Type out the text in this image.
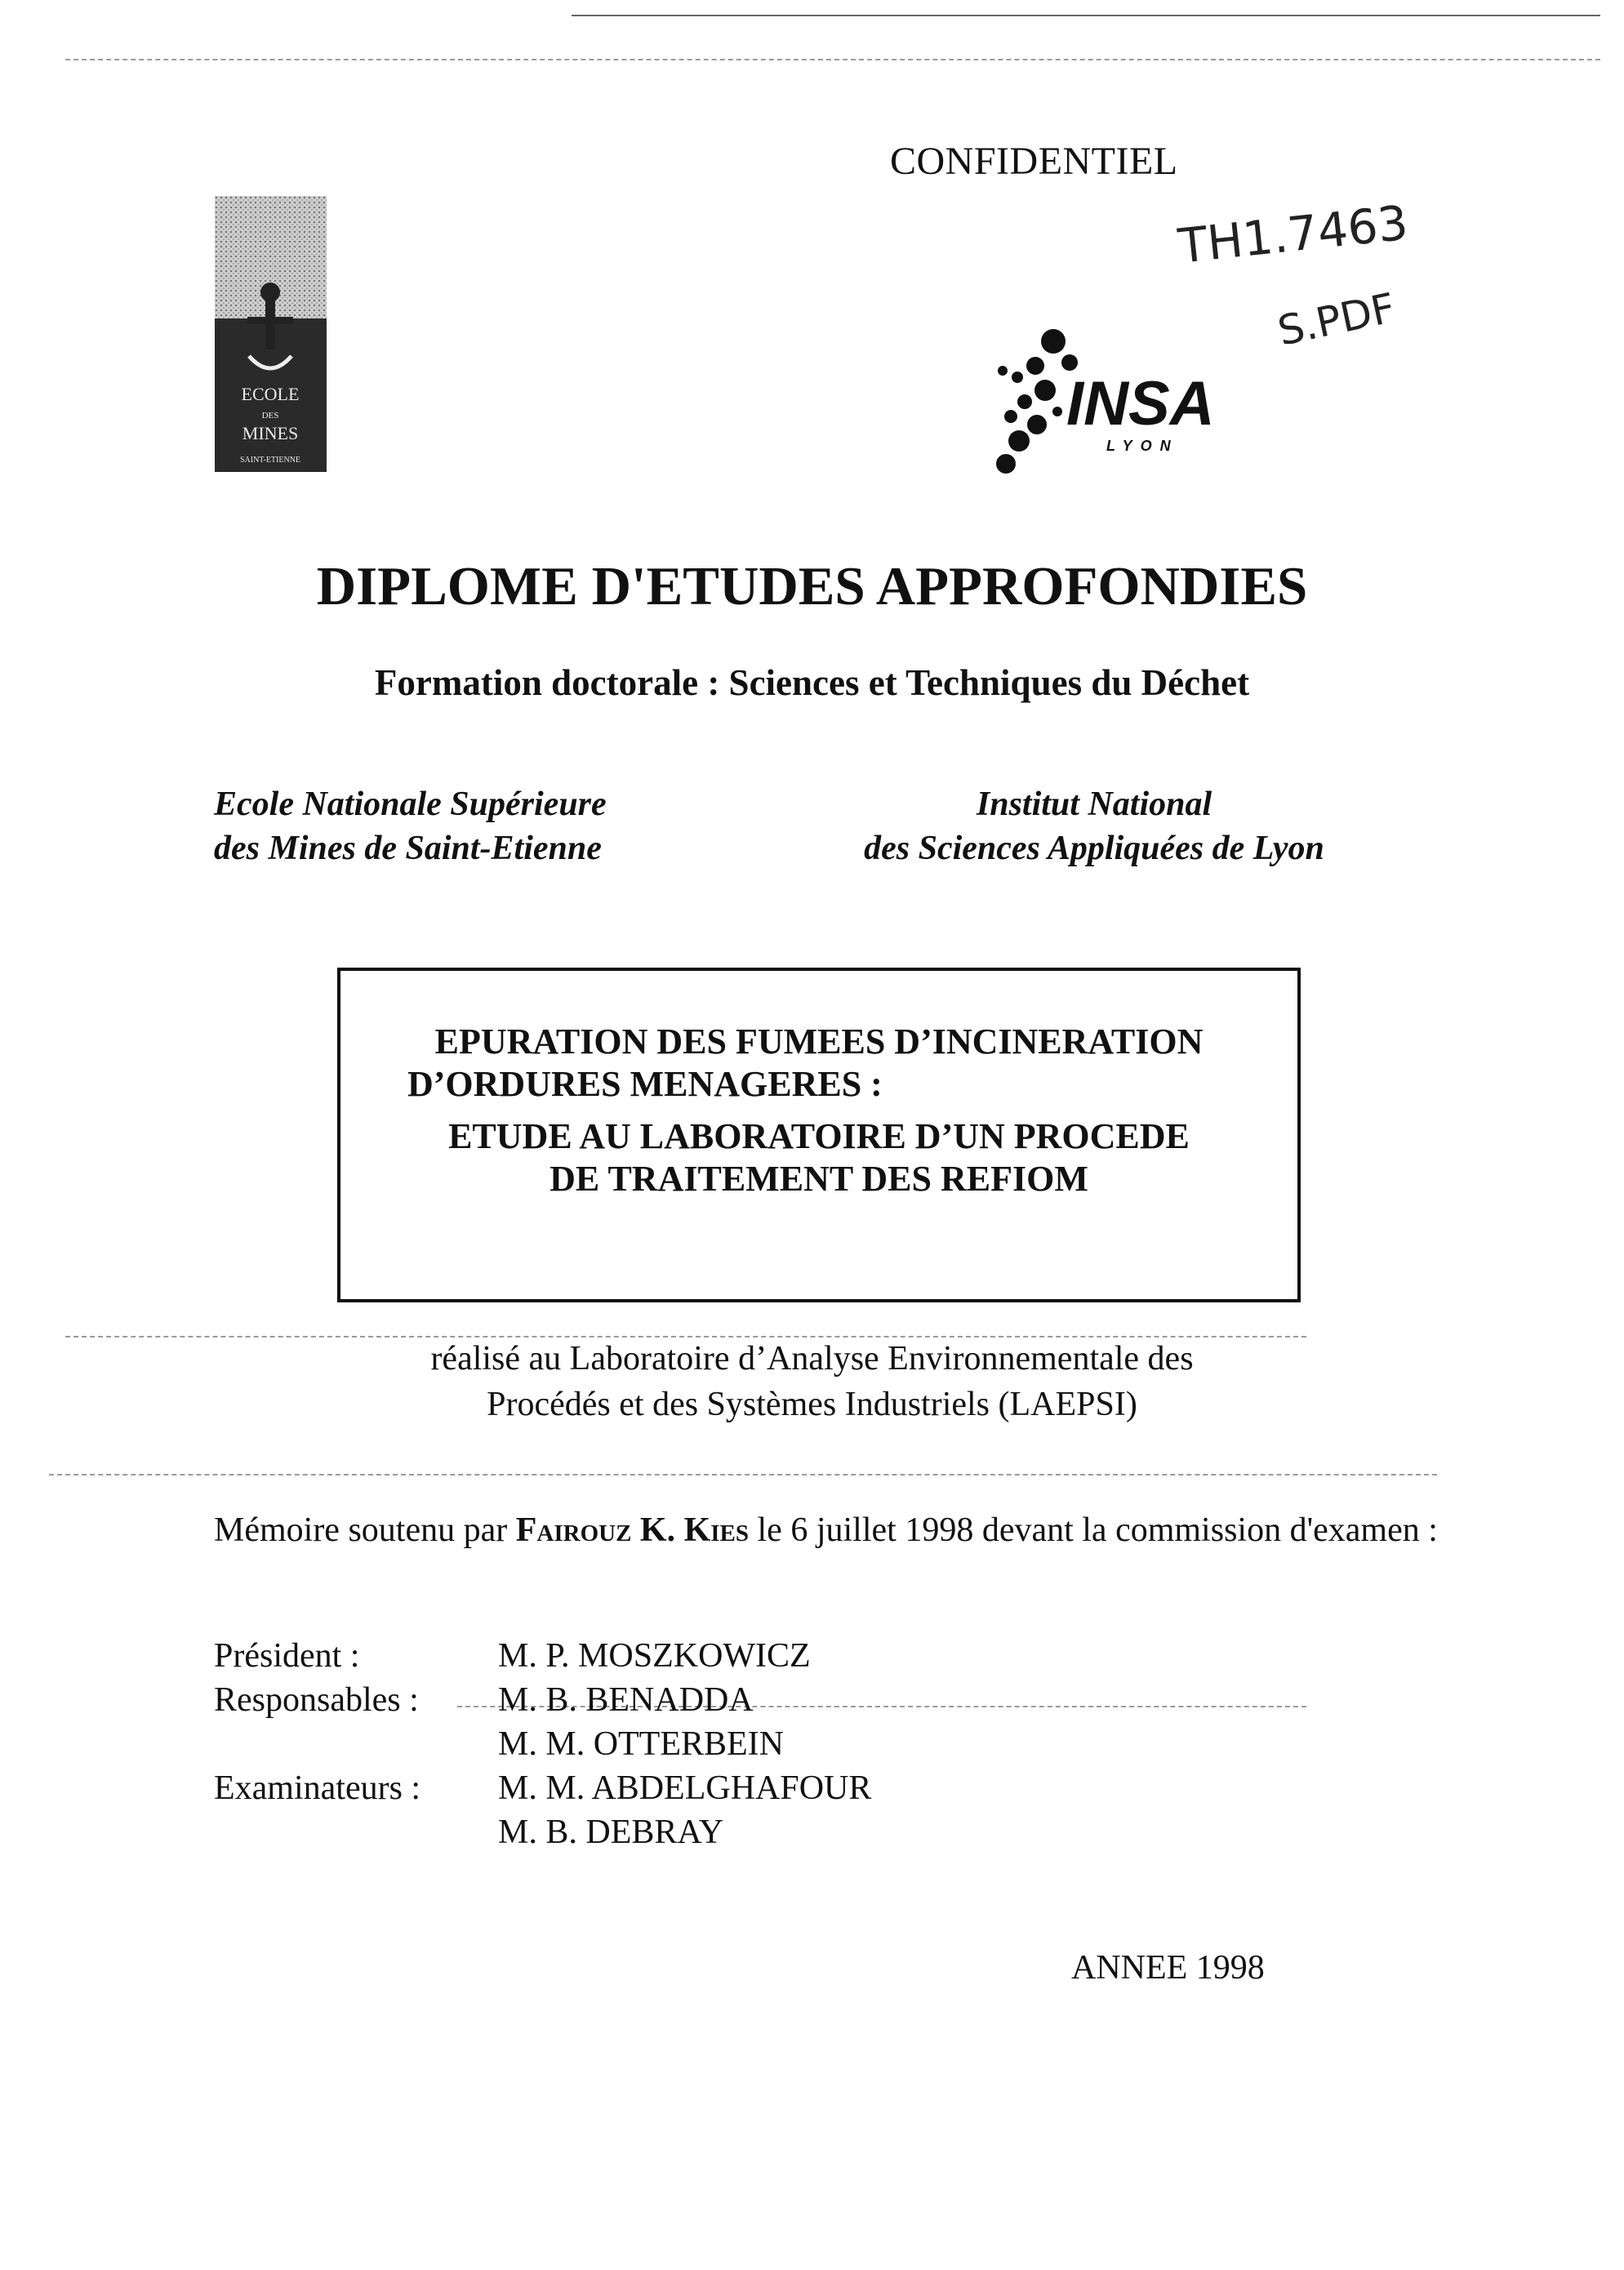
CONFIDENTIEL
TH1.7463
S.PDF
ECOLE
DES
MINES
SAINT-ETIENNE
INSA
LYON
DIPLOME D'ETUDES APPROFONDIES
Formation doctorale : Sciences et Techniques du Déchet
Ecole Nationale Supérieure
des Mines de Saint-Etienne
Institut National
des Sciences Appliquées de Lyon
EPURATION DES FUMEES D’INCINERATION
D’ORDURES MENAGERES :
ETUDE AU LABORATOIRE D’UN PROCEDE
DE TRAITEMENT DES REFIOM
réalisé au Laboratoire d’Analyse Environnementale des
Procédés et des Systèmes Industriels (LAEPSI)
Mémoire soutenu par Fairouz K. Kies le 6 juillet 1998 devant la commission d'examen :
Président :	M. P. MOSZKOWICZ
Responsables : M. B. BENADDA
M. M. OTTERBEIN
Examinateurs : M. M. ABDELGHAFOUR
M. B. DEBRAY
ANNEE 1998
